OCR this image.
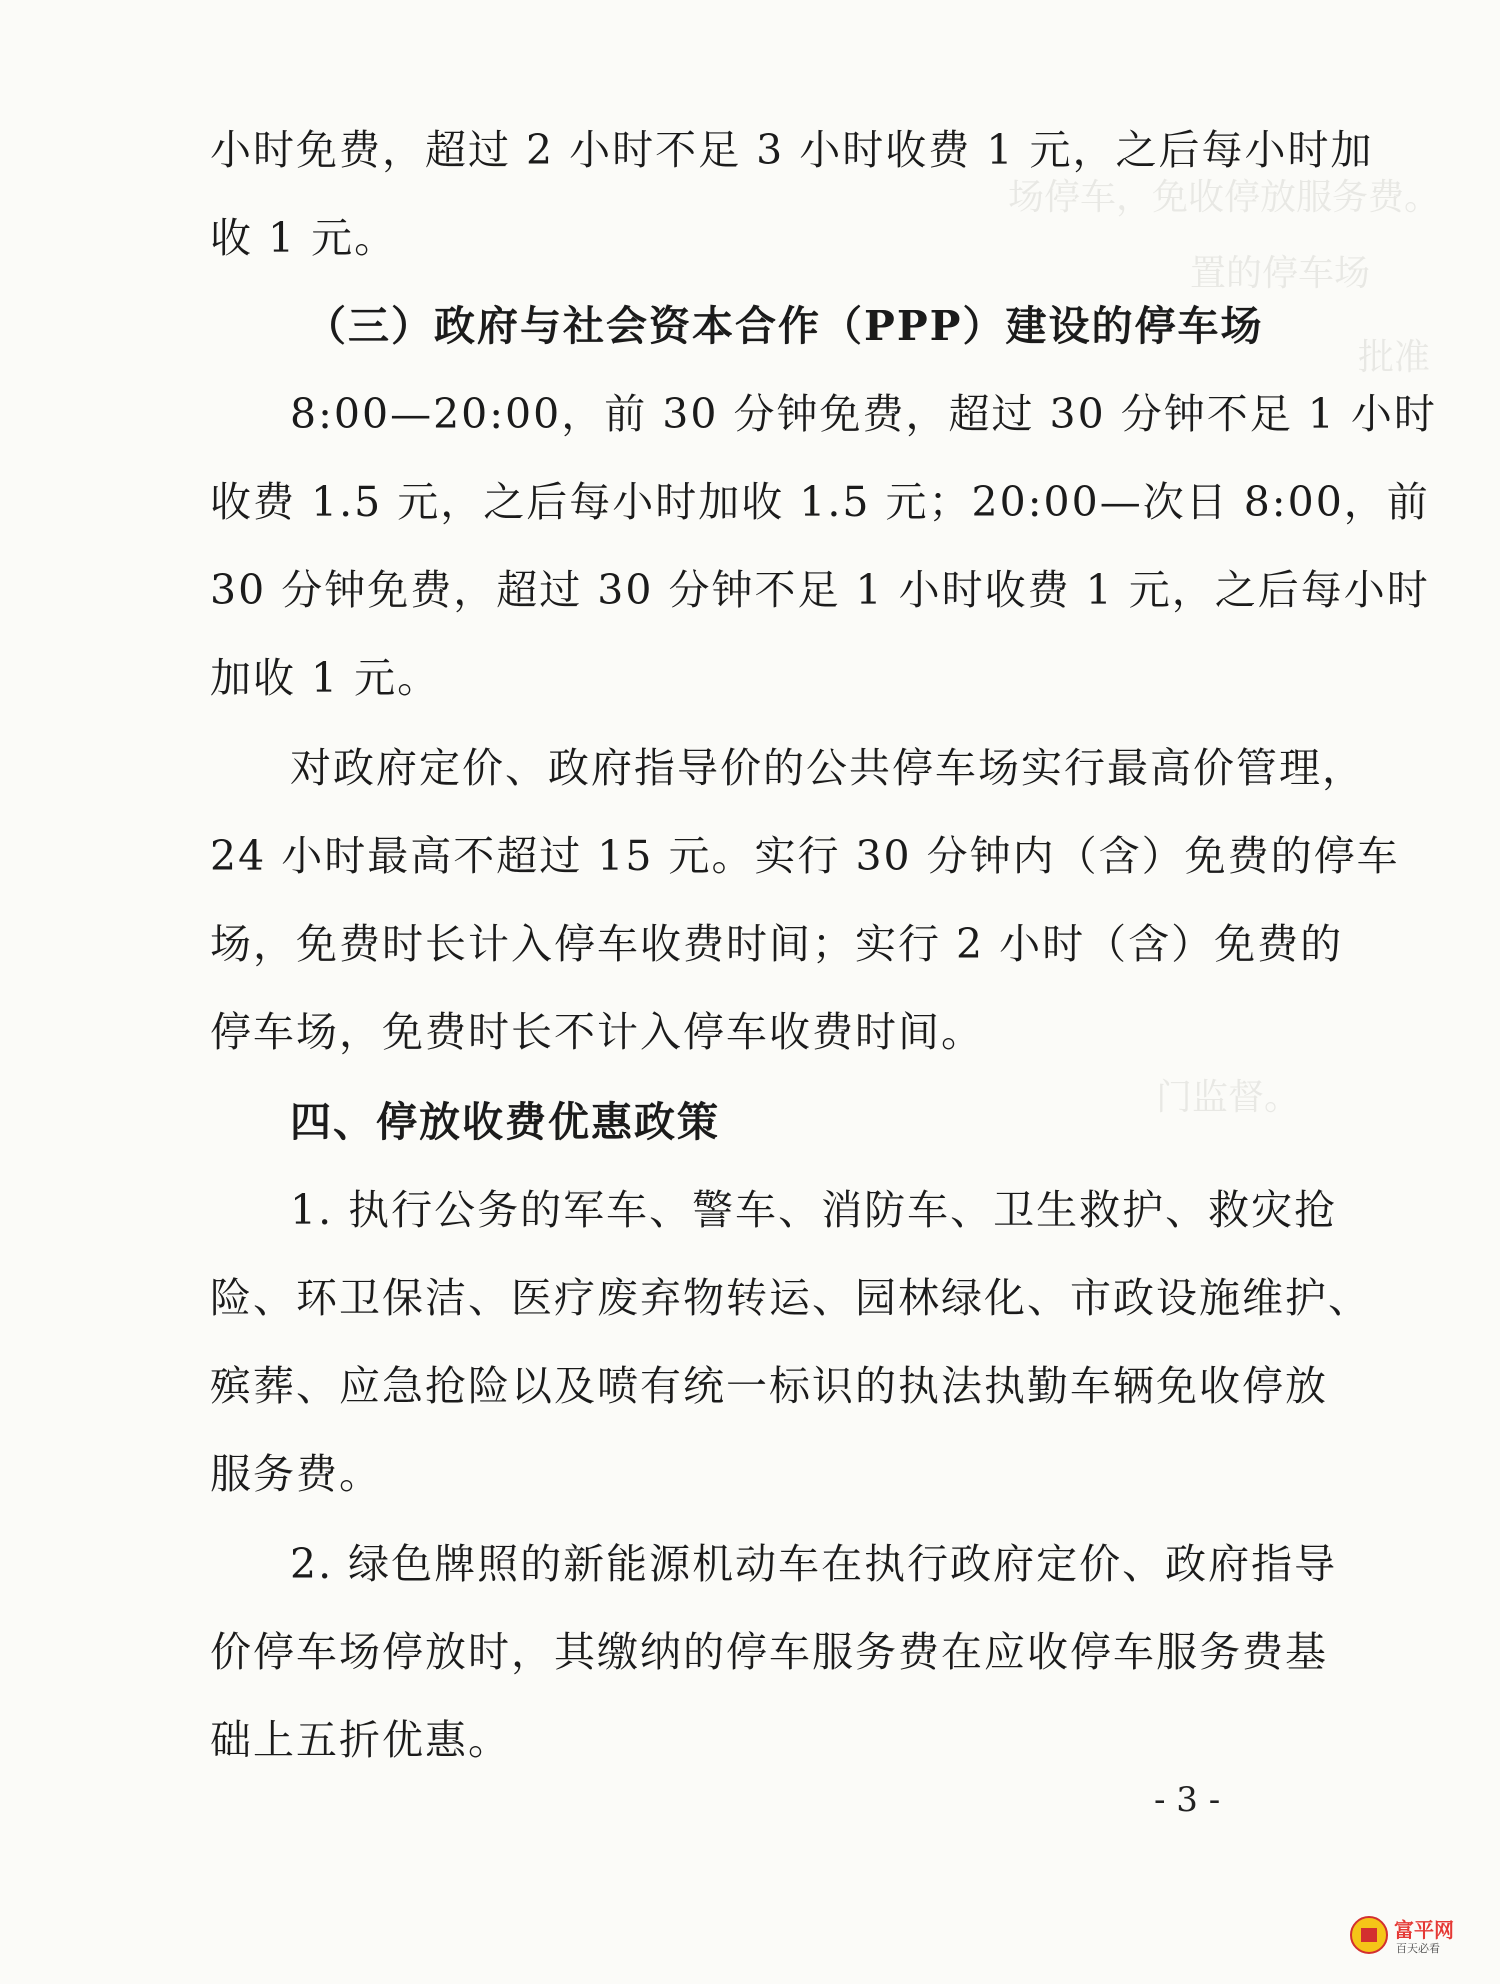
场停车，免收停放服务费。
置的停车场
批准
门监督。
小时免费，超过 2 小时不足 3 小时收费 1 元，之后每小时加
收 1 元。
（三）政府与社会资本合作（PPP）建设的停车场
8:00—20:00，前 30 分钟免费，超过 30 分钟不足 1 小时
收费 1.5 元，之后每小时加收 1.5 元；20:00—次日 8:00，前
30 分钟免费，超过 30 分钟不足 1 小时收费 1 元，之后每小时
加收 1 元。
对政府定价、政府指导价的公共停车场实行最高价管理，
24 小时最高不超过 15 元。实行 30 分钟内（含）免费的停车
场，免费时长计入停车收费时间；实行 2 小时（含）免费的
停车场，免费时长不计入停车收费时间。
四、停放收费优惠政策
1. 执行公务的军车、警车、消防车、卫生救护、救灾抢
险、环卫保洁、医疗废弃物转运、园林绿化、市政设施维护、
殡葬、应急抢险以及喷有统一标识的执法执勤车辆免收停放
服务费。
2. 绿色牌照的新能源机动车在执行政府定价、政府指导
价停车场停放时，其缴纳的停车服务费在应收停车服务费基
础上五折优惠。
- 3 -
富平网
百天必看
